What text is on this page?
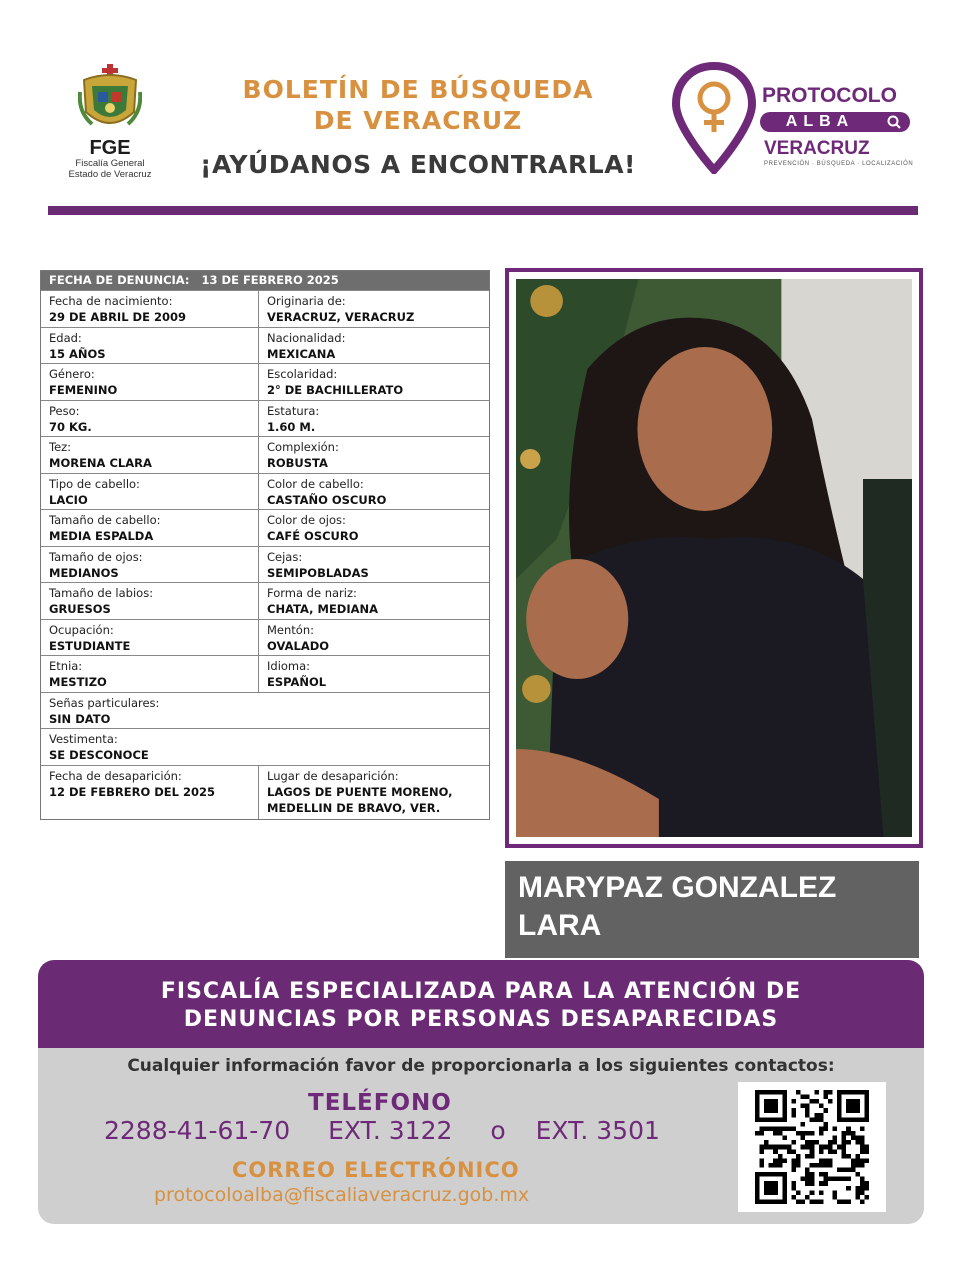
FGE
Fiscalía General
Estado de Veracruz
BOLETÍN DE BÚSQUEDA
DE VERACRUZ
¡AYÚDANOS A ENCONTRARLA!
PROTOCOLO
ALBA
VERACRUZ
PREVENCIÓN · BÚSQUEDA · LOCALIZACIÓN
FECHA DE DENUNCIA: 13 DE FEBRERO 2025
Fecha de nacimiento:
29 DE ABRIL DE 2009
Originaria de:
VERACRUZ, VERACRUZ
Edad:
15 AÑOS
Nacionalidad:
MEXICANA
Género:
FEMENINO
Escolaridad:
2° DE BACHILLERATO
Peso:
70 KG.
Estatura:
1.60 M.
Tez:
MORENA CLARA
Complexión:
ROBUSTA
Tipo de cabello:
LACIO
Color de cabello:
CASTAÑO OSCURO
Tamaño de cabello:
MEDIA ESPALDA
Color de ojos:
CAFÉ OSCURO
Tamaño de ojos:
MEDIANOS
Cejas:
SEMIPOBLADAS
Tamaño de labios:
GRUESOS
Forma de nariz:
CHATA, MEDIANA
Ocupación:
ESTUDIANTE
Mentón:
OVALADO
Etnia:
MESTIZO
Idioma:
ESPAÑOL
Señas particulares:
SIN DATO
Vestimenta:
SE DESCONOCE
Fecha de desaparición:
12 DE FEBRERO DEL 2025
Lugar de desaparición:
LAGOS DE PUENTE MORENO,
MEDELLIN DE BRAVO, VER.
MARYPAZ GONZALEZ
LARA
FISCALÍA ESPECIALIZADA PARA LA ATENCIÓN DE
DENUNCIAS POR PERSONAS DESAPARECIDAS
Cualquier información favor de proporcionarla a los siguientes contactos:
TELÉFONO
2288-41-61-70 EXT. 3122 o EXT. 3501
CORREO ELECTRÓNICO
protocoloalba@fiscaliaveracruz.gob.mx
